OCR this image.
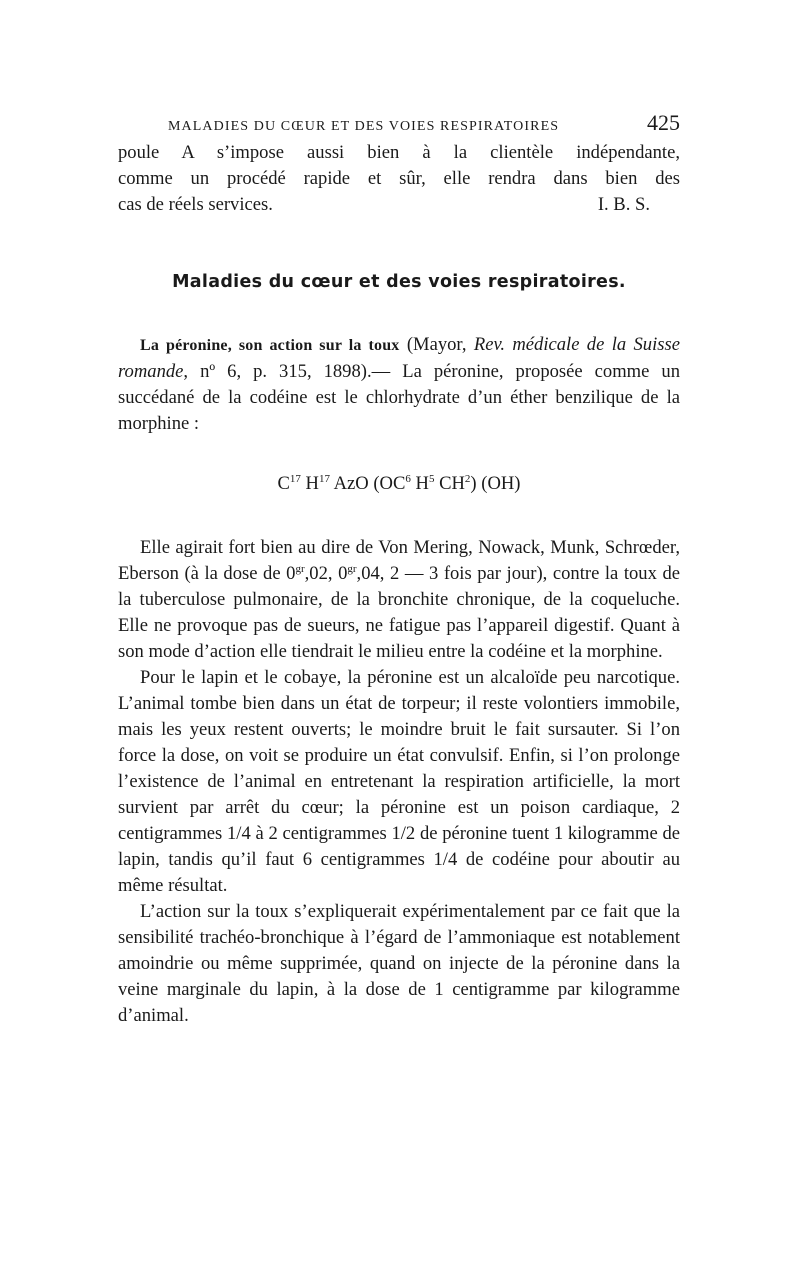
MALADIES DU CŒUR ET DES VOIES RESPIRATOIRES	425

poule A s’impose aussi bien à la clientèle indépendante,
comme un procédé rapide et sûr, elle rendra dans bien des

cas de réels services.	I. B. S.
Maladies du cœur et des voies respiratoires.

La péronine, son action sur la toux (Mayor, Rev. médicale de la Suisse romande, nº 6, p. 315, 1898).— La péronine, proposée comme un succédané de la codéine est le chlorhydrate d’un éther benzilique de la morphine :

$C^{17}$ $H^{17}$ AzO ($OC^6$ $H^5$ $CH^2$) (OH)

Elle agirait fort bien au dire de Von Mering, Nowack, Munk, Schrœder, Eberson (à la dose de $0^{gr},02$, $0^{gr},04$, 2 — 3 fois par jour), contre la toux de la tuberculose pulmonaire, de la bronchite chronique, de la coqueluche. Elle ne provoque pas de sueurs, ne fatigue pas l’appareil digestif. Quant à son mode d’action elle tiendrait le milieu entre la codéine et la morphine.

Pour le lapin et le cobaye, la péronine est un alcaloïde peu narcotique. L’animal tombe bien dans un état de torpeur; il reste volontiers immobile, mais les yeux restent ouverts; le moindre bruit le fait sursauter. Si l’on force la dose, on voit se produire un état convulsif. Enfin, si l’on prolonge l’existence de l’animal en entretenant la respiration artificielle, la mort survient par arrêt du cœur; la péronine est un poison cardiaque, 2 centigrammes 1/4 à 2 centigrammes 1/2 de péronine tuent 1 kilogramme de lapin, tandis qu’il faut 6 centigrammes 1/4 de codéine pour aboutir au même résultat.

L’action sur la toux s’expliquerait expérimentalement par ce fait que la sensibilité trachéo-bronchique à l’égard de l’ammoniaque est notablement amoindrie ou même supprimée, quand on injecte de la péronine dans la veine marginale du lapin, à la dose de 1 centigramme par kilogramme d’animal.
